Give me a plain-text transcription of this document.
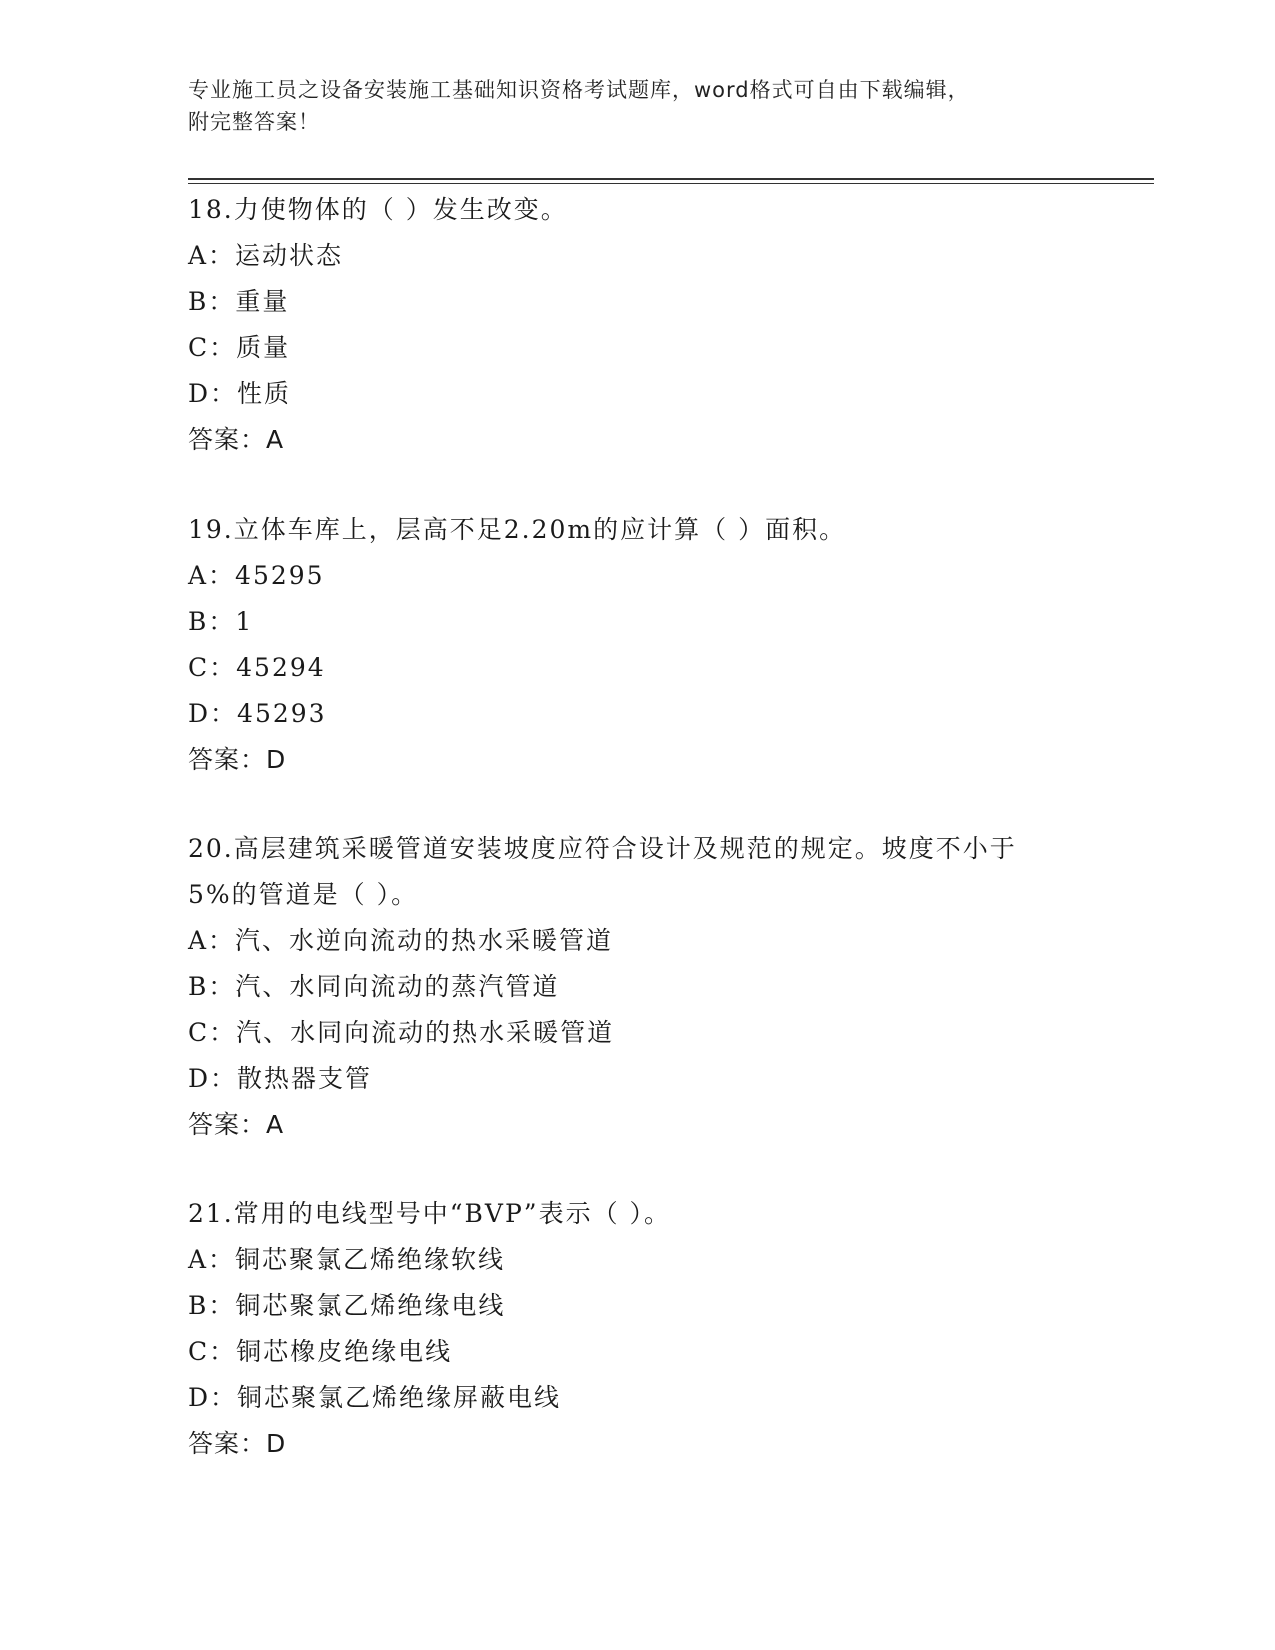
专业施工员之设备安装施工基础知识资格考试题库，word格式可自由下载编辑，
附完整答案！
18.力使物体的（ ）发生改变。
A：运动状态
B：重量
C：质量
D：性质
答案：A
19.立体车库上，层高不足2.20m的应计算（ ）面积。
A：45295
B：1
C：45294
D：45293
答案：D
20.高层建筑采暖管道安装坡度应符合设计及规范的规定。坡度不小于
5%的管道是（ ）。
A：汽、水逆向流动的热水采暖管道
B：汽、水同向流动的蒸汽管道
C：汽、水同向流动的热水采暖管道
D：散热器支管
答案：A
21.常用的电线型号中“BVP”表示（ ）。
A：铜芯聚氯乙烯绝缘软线
B：铜芯聚氯乙烯绝缘电线
C：铜芯橡皮绝缘电线
D：铜芯聚氯乙烯绝缘屏蔽电线
答案：D
